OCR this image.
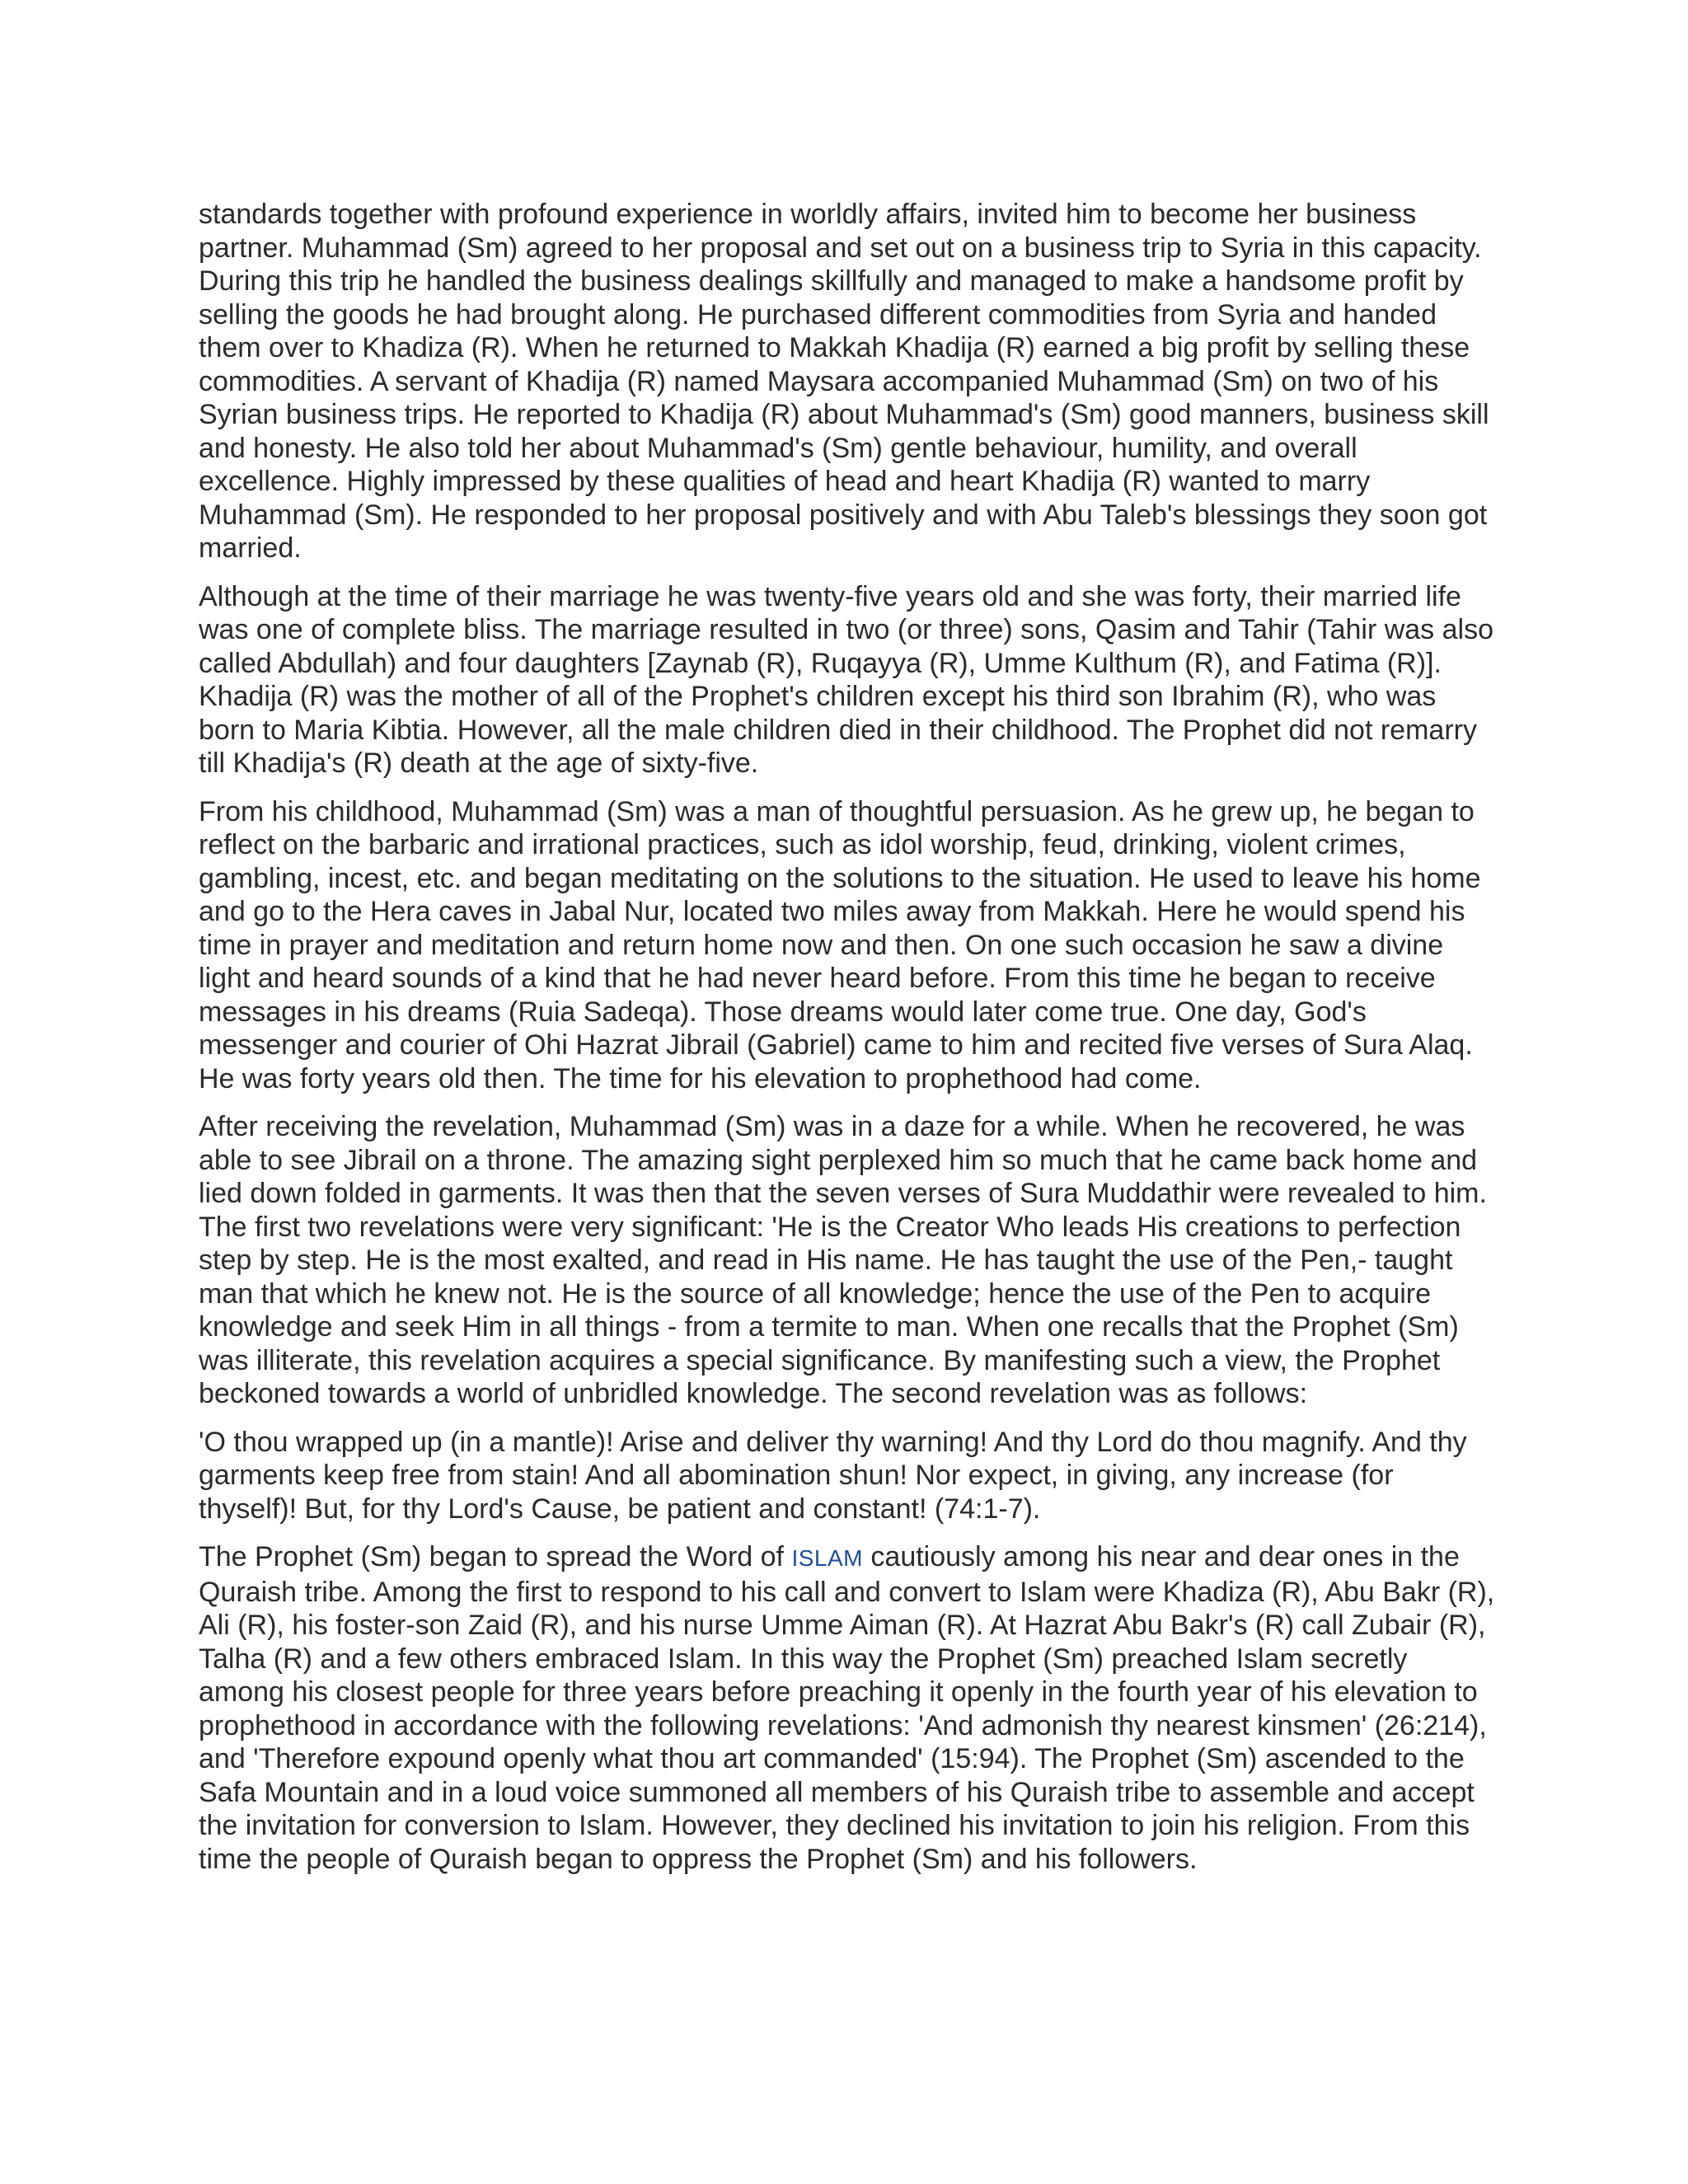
standards together with profound experience in worldly affairs, invited him to become her business partner. Muhammad (Sm) agreed to her proposal and set out on a business trip to Syria in this capacity. During this trip he handled the business dealings skillfully and managed to make a handsome profit by selling the goods he had brought along. He purchased different commodities from Syria and handed them over to Khadiza (R). When he returned to Makkah Khadija (R) earned a big profit by selling these commodities. A servant of Khadija (R) named Maysara accompanied Muhammad (Sm) on two of his Syrian business trips. He reported to Khadija (R) about Muhammad's (Sm) good manners, business skill and honesty. He also told her about Muhammad's (Sm) gentle behaviour, humility, and overall excellence. Highly impressed by these qualities of head and heart Khadija (R) wanted to marry Muhammad (Sm). He responded to her proposal positively and with Abu Taleb's blessings they soon got married.

Although at the time of their marriage he was twenty-five years old and she was forty, their married life was one of complete bliss. The marriage resulted in two (or three) sons, Qasim and Tahir (Tahir was also called Abdullah) and four daughters [Zaynab (R), Ruqayya (R), Umme Kulthum (R), and Fatima (R)]. Khadija (R) was the mother of all of the Prophet's children except his third son Ibrahim (R), who was born to Maria Kibtia. However, all the male children died in their childhood. The Prophet did not remarry till Khadija's (R) death at the age of sixty-five.

From his childhood, Muhammad (Sm) was a man of thoughtful persuasion. As he grew up, he began to reflect on the barbaric and irrational practices, such as idol worship, feud, drinking, violent crimes, gambling, incest, etc. and began meditating on the solutions to the situation. He used to leave his home and go to the Hera caves in Jabal Nur, located two miles away from Makkah. Here he would spend his time in prayer and meditation and return home now and then. On one such occasion he saw a divine light and heard sounds of a kind that he had never heard before. From this time he began to receive messages in his dreams (Ruia Sadeqa). Those dreams would later come true. One day, God's messenger and courier of Ohi Hazrat Jibrail (Gabriel) came to him and recited five verses of Sura Alaq. He was forty years old then. The time for his elevation to prophethood had come.

After receiving the revelation, Muhammad (Sm) was in a daze for a while. When he recovered, he was able to see Jibrail on a throne. The amazing sight perplexed him so much that he came back home and lied down folded in garments. It was then that the seven verses of Sura Muddathir were revealed to him. The first two revelations were very significant: 'He is the Creator Who leads His creations to perfection step by step. He is the most exalted, and read in His name. He has taught the use of the Pen,- taught man that which he knew not. He is the source of all knowledge; hence the use of the Pen to acquire knowledge and seek Him in all things - from a termite to man. When one recalls that the Prophet (Sm) was illiterate, this revelation acquires a special significance. By manifesting such a view, the Prophet beckoned towards a world of unbridled knowledge. The second revelation was as follows:

'O thou wrapped up (in a mantle)! Arise and deliver thy warning! And thy Lord do thou magnify. And thy garments keep free from stain! And all abomination shun! Nor expect, in giving, any increase (for thyself)! But, for thy Lord's Cause, be patient and constant! (74:1-7).

The Prophet (Sm) began to spread the Word of ISLAM cautiously among his near and dear ones in the Quraish tribe. Among the first to respond to his call and convert to Islam were Khadiza (R), Abu Bakr (R), Ali (R), his foster-son Zaid (R), and his nurse Umme Aiman (R). At Hazrat Abu Bakr's (R) call Zubair (R), Talha (R) and a few others embraced Islam. In this way the Prophet (Sm) preached Islam secretly among his closest people for three years before preaching it openly in the fourth year of his elevation to prophethood in accordance with the following revelations: 'And admonish thy nearest kinsmen' (26:214), and 'Therefore expound openly what thou art commanded' (15:94). The Prophet (Sm) ascended to the Safa Mountain and in a loud voice summoned all members of his Quraish tribe to assemble and accept the invitation for conversion to Islam. However, they declined his invitation to join his religion. From this time the people of Quraish began to oppress the Prophet (Sm) and his followers.
